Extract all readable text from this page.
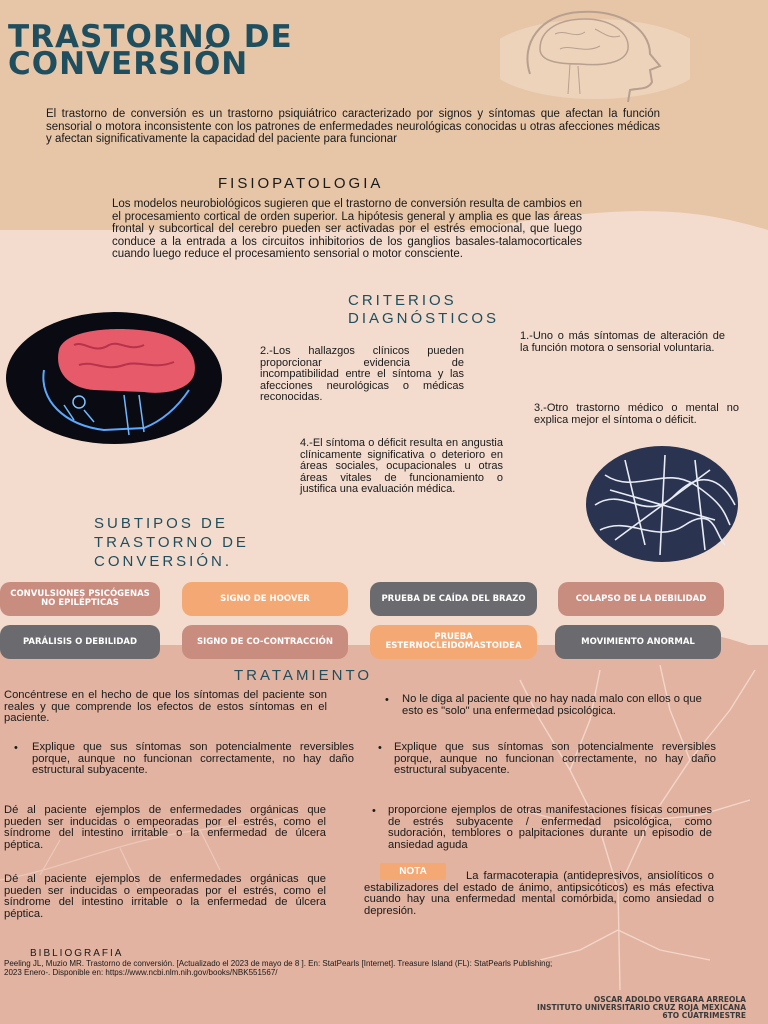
TRASTORNO DE CONVERSIÓN

El trastorno de conversión es un trastorno psiquiátrico caracterizado por signos y síntomas que afectan la función sensorial o motora inconsistente con los patrones de enfermedades neurológicas conocidas u otras afecciones médicas y afectan significativamente la capacidad del paciente para funcionar

FISIOPATOLOGIA

Los modelos neurobiológicos sugieren que el trastorno de conversión resulta de cambios en el procesamiento cortical de orden superior. La hipótesis general y amplia es que las áreas frontal y subcortical del cerebro pueden ser activadas por el estrés emocional, que luego conduce a la entrada a los circuitos inhibitorios de los ganglios basales-talamocorticales cuando luego reduce el procesamiento sensorial o motor consciente.

CRITERIOS DIAGNÓSTICOS

1.-Uno o más síntomas de alteración de la función motora o sensorial voluntaria.

2.-Los hallazgos clínicos pueden proporcionar evidencia de incompatibilidad entre el síntoma y las afecciones neurológicas o médicas reconocidas.

3.-Otro trastorno médico o mental no explica mejor el síntoma o déficit.

4.-El síntoma o déficit resulta en angustia clínicamente significativa o deterioro en áreas sociales, ocupacionales u otras áreas vitales de funcionamiento o justifica una evaluación médica.

SUBTIPOS DE TRASTORNO DE CONVERSIÓN.
CONVULSIONES PSICÓGENAS NO EPILÉPTICAS	SIGNO DE HOOVER	PRUEBA DE CAÍDA DEL BRAZO	COLAPSO DE LA DEBILIDAD
PARÁLISIS O DEBILIDAD	SIGNO DE CO-CONTRACCIÓN	PRUEBA ESTERNOCLEIDOMASTOIDEA	MOVIMIENTO ANORMAL
TRATAMIENTO

Concéntrese en el hecho de que los síntomas del paciente son reales y que comprende los efectos de estos síntomas en el paciente.

• Explique que sus síntomas son potencialmente reversibles porque, aunque no funcionan correctamente, no hay daño estructural subyacente.

Dé al paciente ejemplos de enfermedades orgánicas que pueden ser inducidas o empeoradas por el estrés, como el síndrome del intestino irritable o la enfermedad de úlcera péptica.

Dé al paciente ejemplos de enfermedades orgánicas que pueden ser inducidas o empeoradas por el estrés, como el síndrome del intestino irritable o la enfermedad de úlcera péptica.

• No le diga al paciente que no hay nada malo con ellos o que esto es "solo" una enfermedad psicológica.

• Explique que sus síntomas son potencialmente reversibles porque, aunque no funcionan correctamente, no hay daño estructural subyacente.

• proporcione ejemplos de otras manifestaciones físicas comunes de estrés subyacente / enfermedad psicológica, como sudoración, temblores o palpitaciones durante un episodio de ansiedad aguda

NOTA	La farmacoterapia (antidepresivos, ansiolíticos o estabilizadores del estado de ánimo, antipsicóticos) es más efectiva cuando hay una enfermedad mental comórbida, como ansiedad o depresión.

BIBLIOGRAFIA

Peeling JL, Muzio MR. Trastorno de conversión. [Actualizado el 2023 de mayo de 8 ]. En: StatPearls [Internet]. Treasure Island (FL): StatPearls Publishing; 2023 Enero-. Disponible en: https://www.ncbi.nlm.nih.gov/books/NBK551567/

OSCAR ADOLDO VERGARA ARREOLA
INSTITUTO UNIVERSITARIO CRUZ ROJA MEXICANA
6TO CUATRIMESTRE
